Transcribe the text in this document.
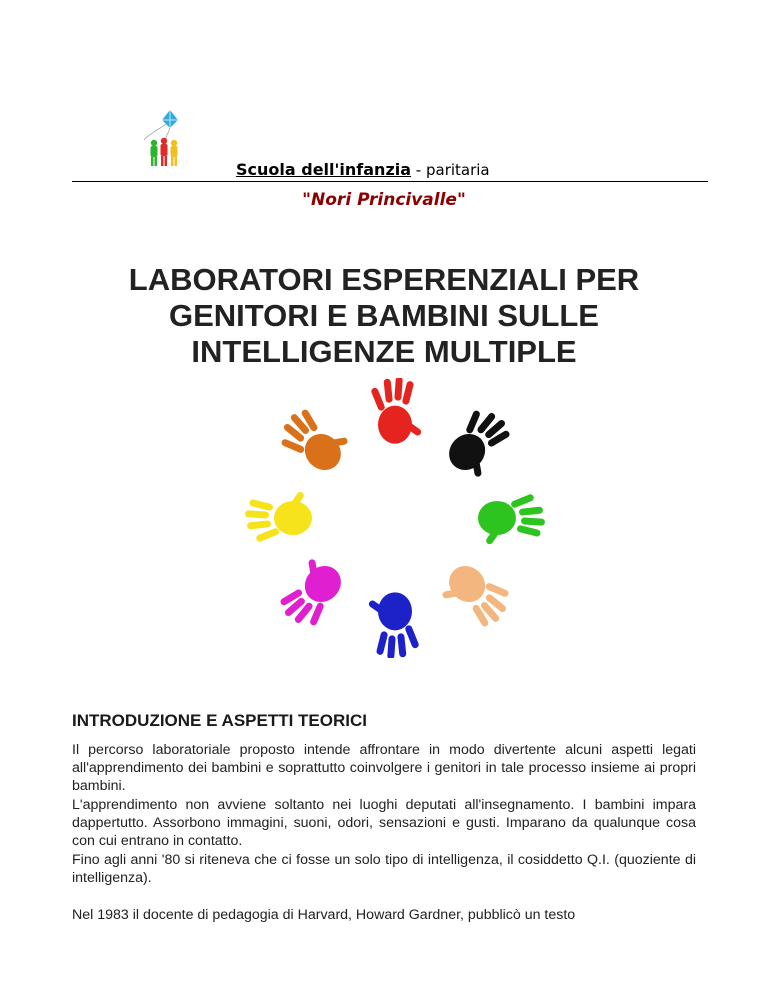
Scuola dell'infanzia - paritaria
"Nori Princivalle"
LABORATORI ESPERENZIALI PER
GENITORI E BAMBINI SULLE
INTELLIGENZE MULTIPLE
INTRODUZIONE E ASPETTI TEORICI
Il percorso laboratoriale proposto intende affrontare in modo divertente alcuni aspetti legati all'apprendimento dei bambini e soprattutto coinvolgere i genitori in tale processo insieme ai propri bambini.
L'apprendimento non avviene soltanto nei luoghi deputati all'insegnamento. I bambini impara dappertutto. Assorbono immagini, suoni, odori, sensazioni e gusti. Imparano da qualunque cosa con cui entrano in contatto.
Fino agli anni '80 si riteneva che ci fosse un solo tipo di intelligenza, il cosiddetto Q.I. (quoziente di intelligenza).
Nel 1983 il docente di pedagogia di Harvard, Howard Gardner, pubblicò un testo
